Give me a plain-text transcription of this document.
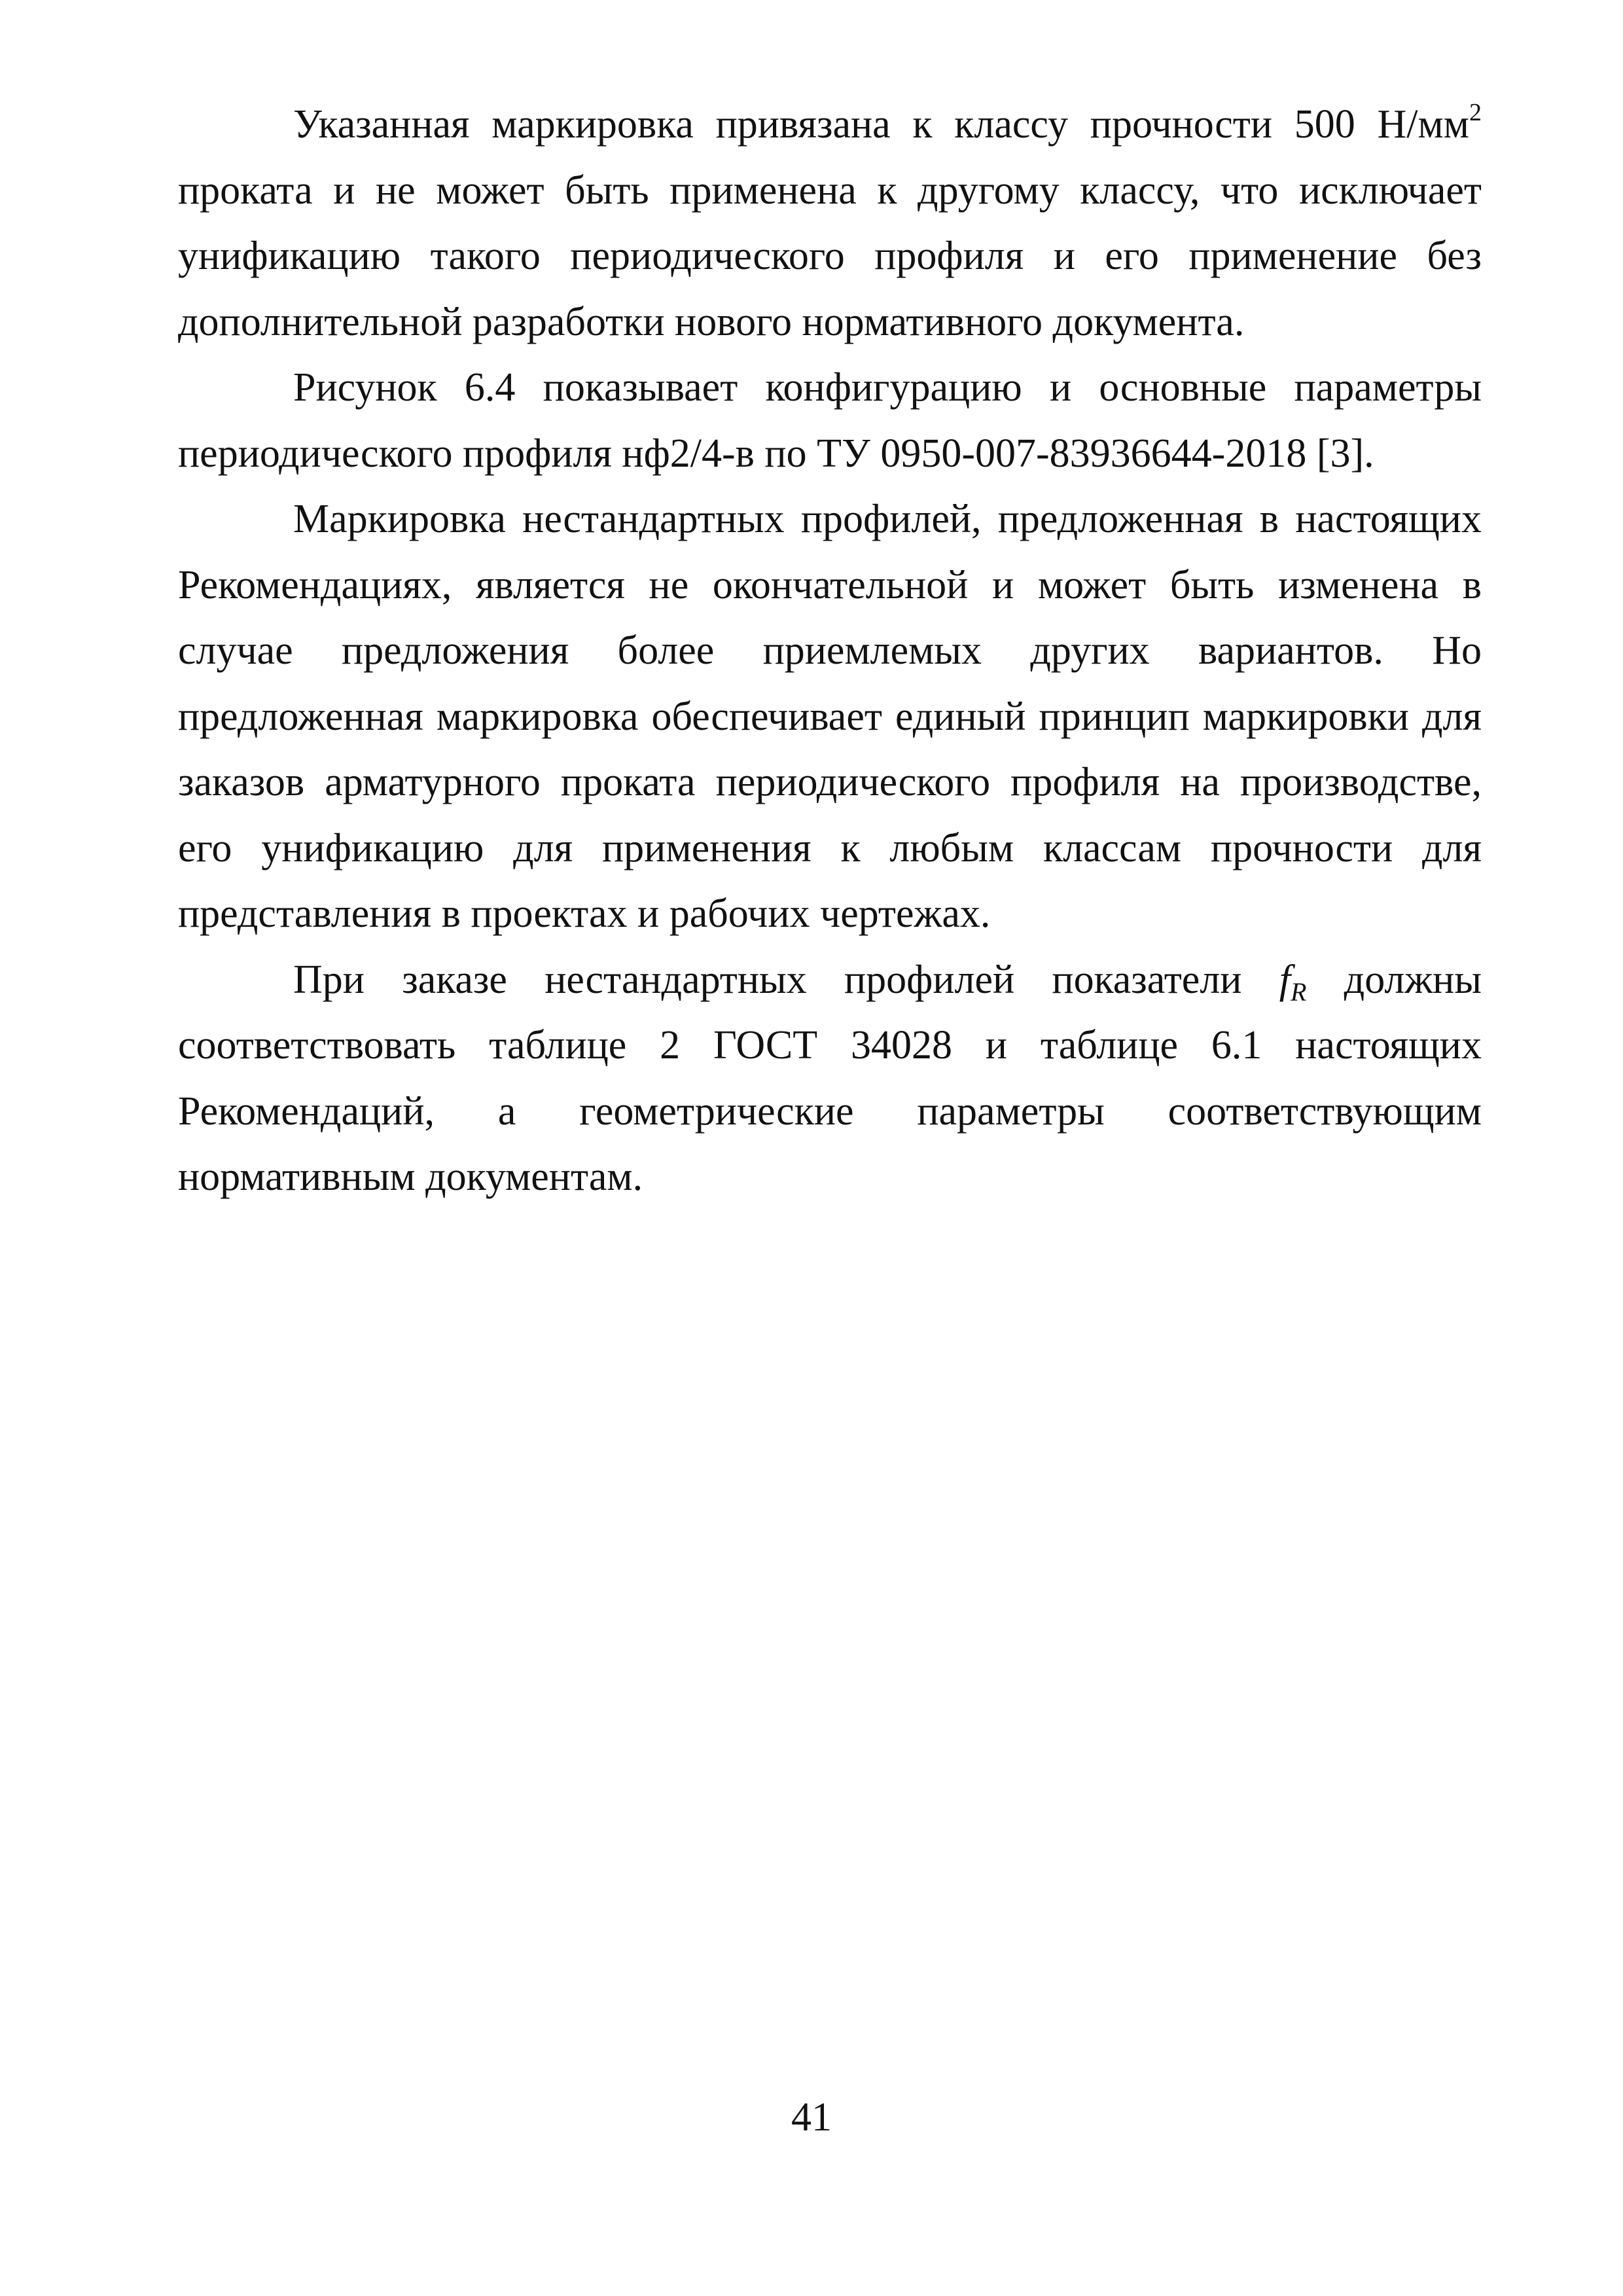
Указанная маркировка привязана к классу прочности 500 $Н/мм^2$ проката и не может быть применена к другому классу, что исключает унификацию такого периодического профиля и его применение без дополнительной разработки нового нормативного документа.

Рисунок 6.4 показывает конфигурацию и основные параметры периодического профиля нф2/4-в по ТУ 0950-007-83936644-2018 [3].

Маркировка нестандартных профилей, предложенная в настоящих Рекомендациях, является не окончательной и может быть изменена в случае предложения более приемлемых других вариантов. Но предложенная маркировка обеспечивает единый принцип маркировки для заказов арматурного проката периодического профиля на производстве, его унификацию для применения к любым классам прочности для представления в проектах и рабочих чертежах.

При заказе нестандартных профилей показатели $f_R$ должны соответствовать таблице 2 ГОСТ 34028 и таблице 6.1 настоящих Рекомендаций, а геометрические параметры соответствующим нормативным документам.

41
